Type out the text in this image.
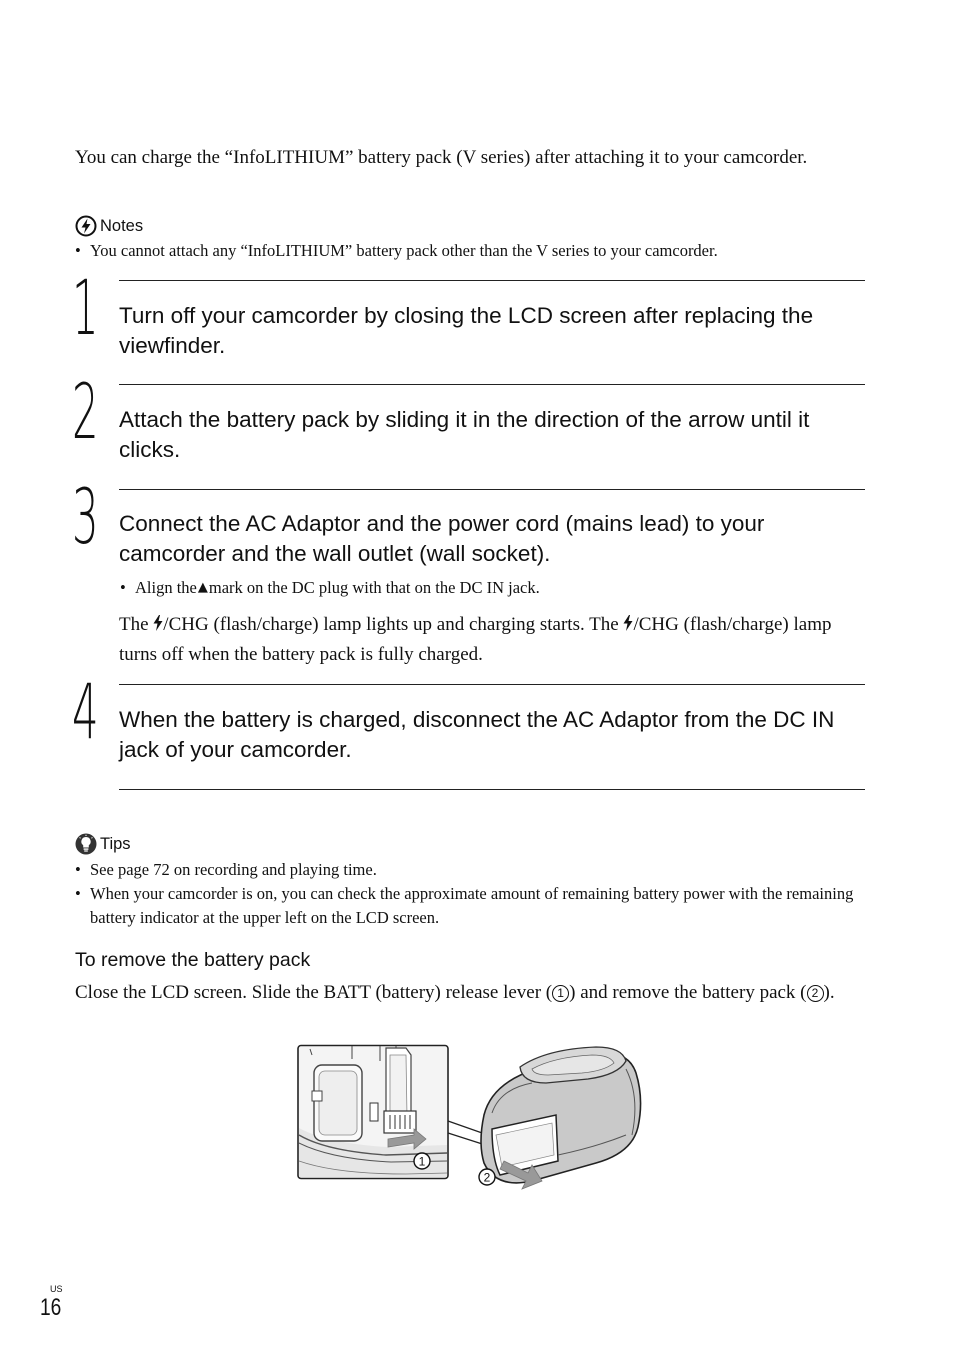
You can charge the “InfoLITHIUM” battery pack (V series) after attaching it to your camcorder.
Notes
• You cannot attach any “InfoLITHIUM” battery pack other than the V series to your camcorder.
1 Turn off your camcorder by closing the LCD screen after replacing the viewfinder.
2 Attach the battery pack by sliding it in the direction of the arrow until it clicks.
3 Connect the AC Adaptor and the power cord (mains lead) to your camcorder and the wall outlet (wall socket).
• Align the ▲ mark on the DC plug with that on the DC IN jack.
The /CHG (flash/charge) lamp lights up and charging starts. The /CHG (flash/charge) lamp turns off when the battery pack is fully charged.
4 When the battery is charged, disconnect the AC Adaptor from the DC IN jack of your camcorder.
Tips
• See page 72 on recording and playing time.
• When your camcorder is on, you can check the approximate amount of remaining battery power with the remaining battery indicator at the upper left on the LCD screen.
To remove the battery pack
Close the LCD screen. Slide the BATT (battery) release lever ( 1 ) and remove the battery pack ( 2 ).
1
2
US
16
